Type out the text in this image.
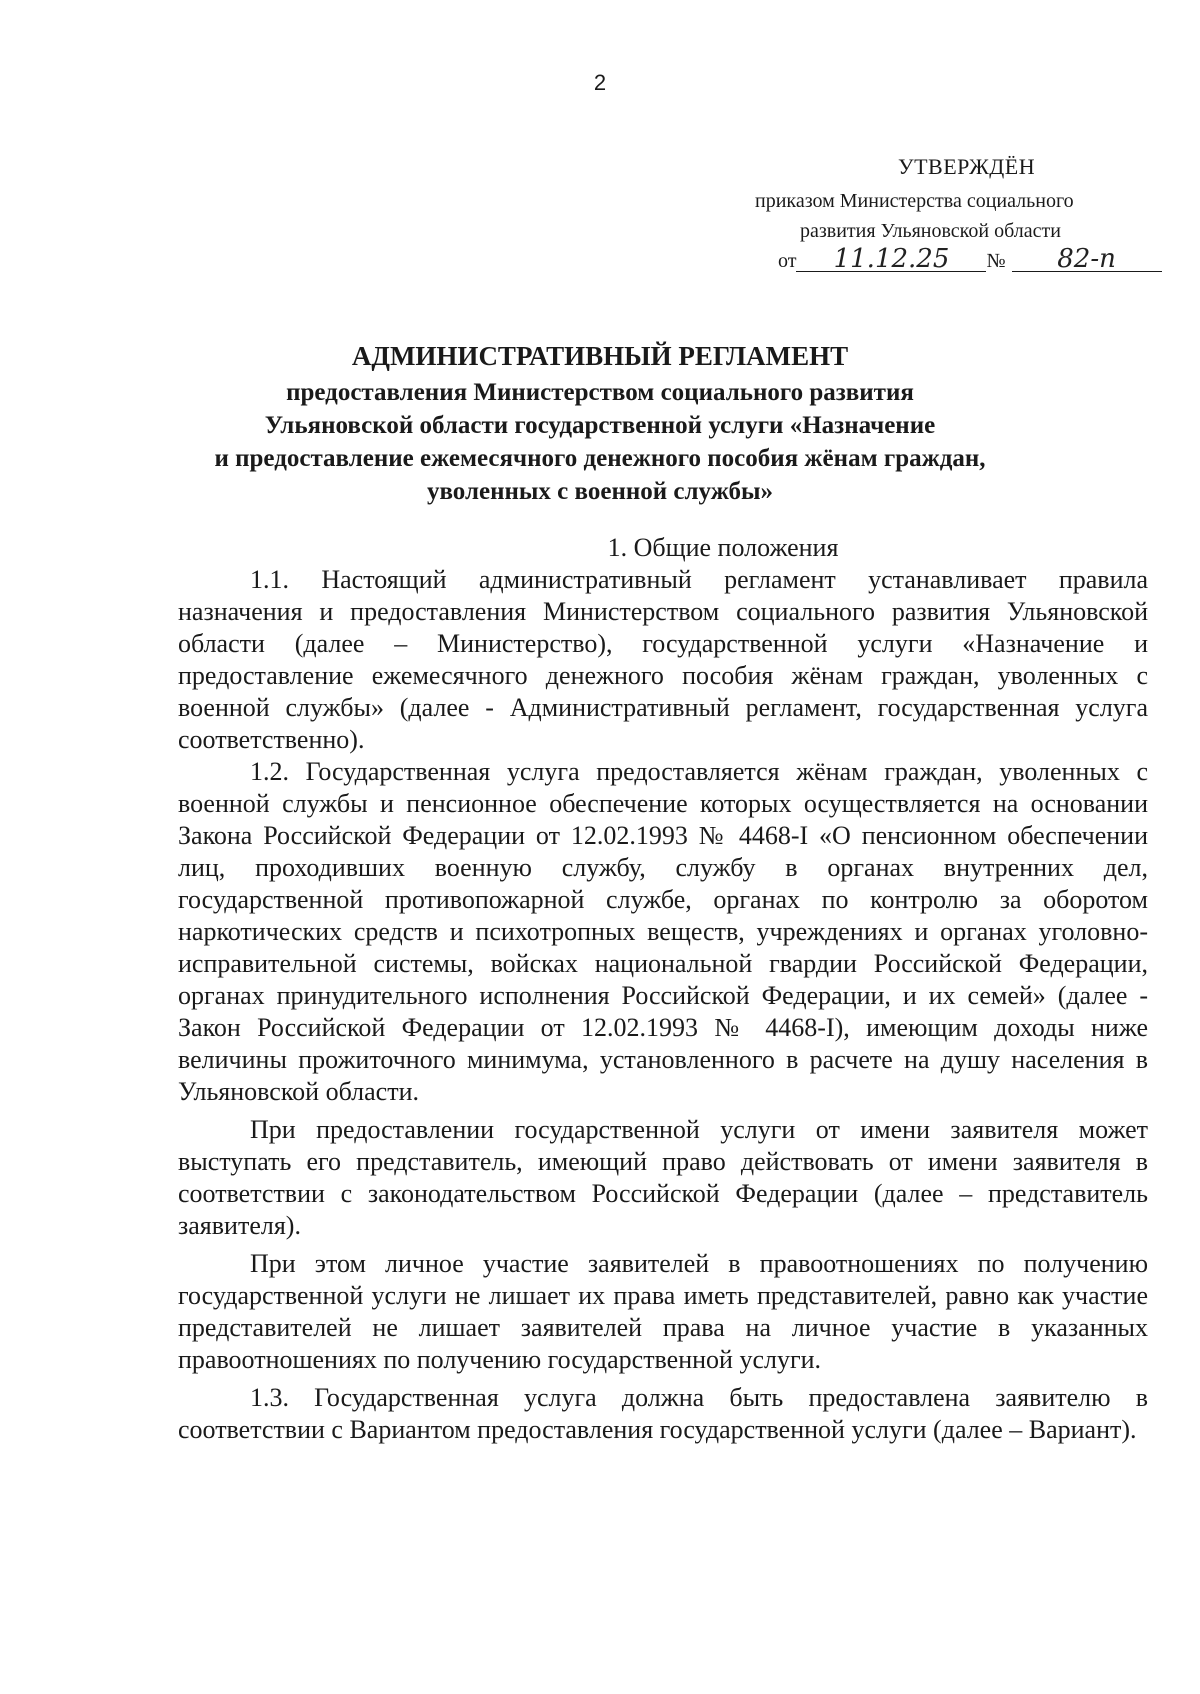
2
УТВЕРЖДЁН
приказом Министерства социального
развития Ульяновской области
от 11.12.25 № 82-п
АДМИНИСТРАТИВНЫЙ РЕГЛАМЕНТ
предоставления Министерством социального развития
Ульяновской области государственной услуги «Назначение
и предоставление ежемесячного денежного пособия жёнам граждан,
уволенных с военной службы»

1. Общие положения

1.1. Настоящий административный регламент устанавливает правила назначения и предоставления Министерством социального развития Ульяновской области (далее – Министерство), государственной услуги «Назначение и предоставление ежемесячного денежного пособия жёнам граждан, уволенных с военной службы» (далее - Административный регламент, государственная услуга соответственно).

1.2. Государственная услуга предоставляется жёнам граждан, уволенных с военной службы и пенсионное обеспечение которых осуществляется на основании Закона Российской Федерации от 12.02.1993 № 4468-I «О пенсионном обеспечении лиц, проходивших военную службу, службу в органах внутренних дел, государственной противопожарной службе, органах по контролю за оборотом наркотических средств и психотропных веществ, учреждениях и органах уголовно-исправительной системы, войсках национальной гвардии Российской Федерации, органах принудительного исполнения Российской Федерации, и их семей» (далее - Закон Российской Федерации от 12.02.1993 № 4468-I), имеющим доходы ниже величины прожиточного минимума, установленного в расчете на душу населения в Ульяновской области.

При предоставлении государственной услуги от имени заявителя может выступать его представитель, имеющий право действовать от имени заявителя в соответствии с законодательством Российской Федерации (далее – представитель заявителя).

При этом личное участие заявителей в правоотношениях по получению государственной услуги не лишает их права иметь представителей, равно как участие представителей не лишает заявителей права на личное участие в указанных правоотношениях по получению государственной услуги.

1.3. Государственная услуга должна быть предоставлена заявителю в соответствии с Вариантом предоставления государственной услуги (далее – Вариант).
